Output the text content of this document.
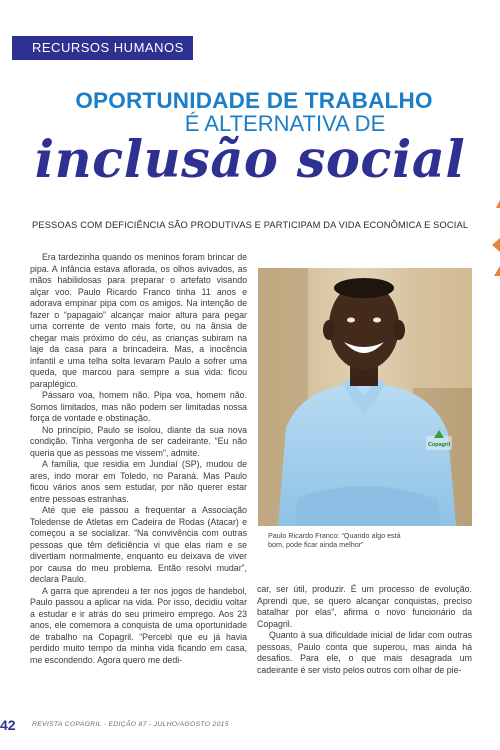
RECURSOS HUMANOS
OPORTUNIDADE DE TRABALHO
É ALTERNATIVA DE
inclusão social
PESSOAS COM DEFICIÊNCIA SÃO PRODUTIVAS E PARTICIPAM DA VIDA ECONÔMICA E SOCIAL

Era tardezinha quando os meninos foram brincar de pipa. A infância estava aflorada, os olhos avivados, as mãos habilidosas para preparar o artefato visando alçar voo. Paulo Ricardo Franco tinha 11 anos e adorava empinar pipa com os amigos. Na intenção de fazer o “papagaio” alcançar maior altura para pegar uma corrente de vento mais forte, ou na ânsia de chegar mais próximo do céu, as crianças subiram na laje da casa para a brincadeira. Mas, a inocência infantil e uma telha solta levaram Paulo a sofrer uma queda, que marcou para sempre a sua vida: ficou paraplégico.

Pássaro voa, homem não. Pipa voa, homem não. Somos limitados, mas não podem ser limitadas nossa força de vontade e obstinação.

No princípio, Paulo se isolou, diante da sua nova condição. Tinha vergonha de ser cadeirante. “Eu não queria que as pessoas me vissem”, admite.

A família, que residia em Jundiaí (SP), mudou de ares, indo morar em Toledo, no Paraná. Mas Paulo ficou vários anos sem estudar, por não querer estar entre pessoas estranhas.

Até que ele passou a frequentar a Associação Toledense de Atletas em Cadeira de Rodas (Atacar) e começou a se socializar. “Na convivência com outras pessoas que têm deficiência vi que elas riam e se divertiam normalmente, enquanto eu deixava de viver por causa do meu problema. Então resolvi mudar”, declara Paulo.

A garra que aprendeu a ter nos jogos de handebol, Paulo passou a aplicar na vida. Por isso, decidiu voltar a estudar e ir atrás do seu primeiro emprego. Aos 23 anos, ele comemora a conquista de uma oportunidade de trabalho na Copagril. “Percebi que eu já havia perdido muito tempo da minha vida ficando em casa, me escondendo. Agora quero me dedi-

Copagril
Paulo Ricardo Franco: “Quando algo está bom, pode ficar ainda melhor”

car, ser útil, produzir. É um processo de evolução. Aprendi que, se quero alcançar conquistas, preciso batalhar por elas”, afirma o novo funcionário da Copagril.

Quanto à sua dificuldade inicial de lidar com outras pessoas, Paulo conta que superou, mas ainda há desafios. Para ele, o que mais desagrada um cadeirante é ser visto pelos outros com olhar de pie-

42 REVISTA COPAGRIL - EDIÇÃO 87 - JULHO/AGOSTO 2015
